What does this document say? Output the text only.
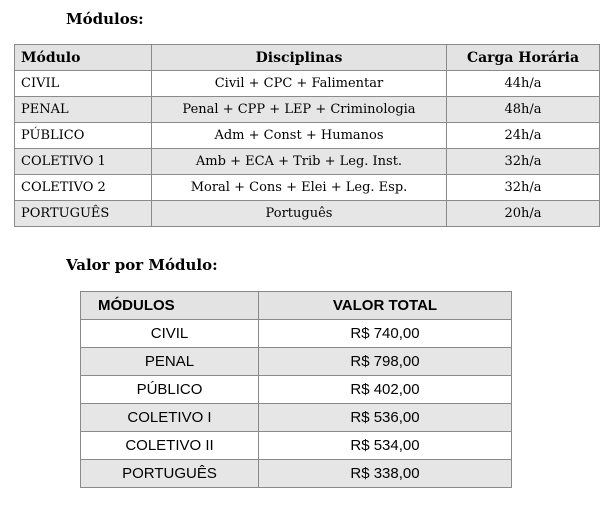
Módulos:

Módulo	Disciplinas	Carga Horária
CIVIL	Civil + CPC + Falimentar	44h/a
PENAL	Penal + CPP + LEP + Criminologia	48h/a
PÚBLICO	Adm + Const + Humanos	24h/a
COLETIVO 1	Amb + ECA + Trib + Leg. Inst.	32h/a
COLETIVO 2	Moral + Cons + Elei + Leg. Esp.	32h/a
PORTUGUÊS	Português	20h/a

Valor por Módulo:

MÓDULOS	VALOR TOTAL
CIVIL	R$ 740,00
PENAL	R$ 798,00
PÚBLICO	R$ 402,00
COLETIVO I	R$ 536,00
COLETIVO II	R$ 534,00
PORTUGUÊS	R$ 338,00
